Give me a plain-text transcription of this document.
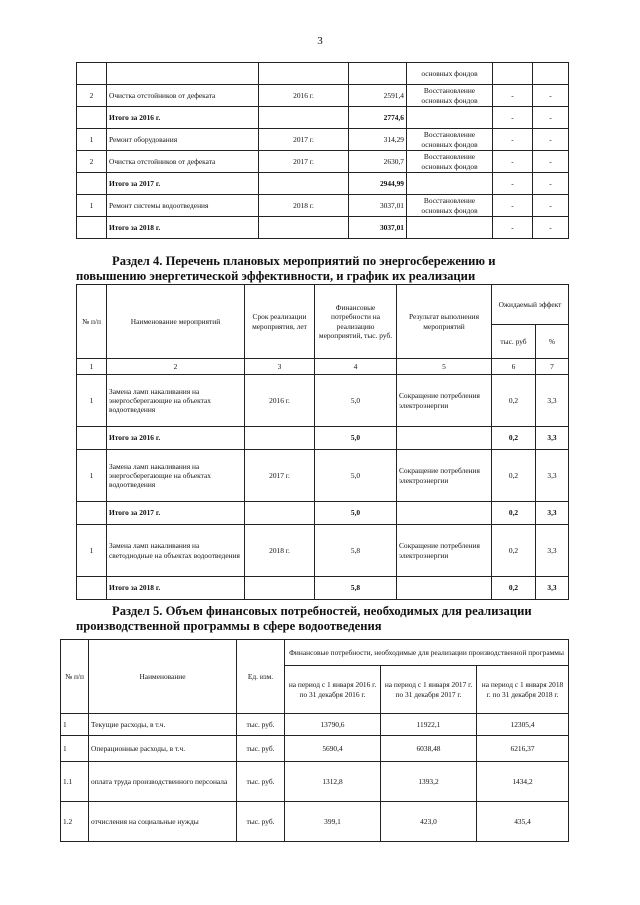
3
				основных фондов		
2	Очистка отстойников от дефеката	2016 г.	2591,4	Восстановление основных фондов	-	-
	Итого за 2016 г.		2774,6		-	-
1	Ремонт оборудования	2017 г.	314,29	Восстановление основных фондов	-	-
2	Очистка отстойников от дефеката	2017 г.	2630,7	Восстановление основных фондов	-	-
	Итого за 2017 г.		2944,99		-	-
1	Ремонт системы водоотведения	2018 г.	3037,01	Восстановление основных фондов	-	-
	Итого за 2018 г.		3037,01		-	-
Раздел 4. Перечень плановых мероприятий по энергосбережению и повышению энергетической эффективности, и график их реализации
№ п/п	Наименование мероприятий	Срок реализации мероприятия, лет	Финансовые потребности на реализацию мероприятий, тыс. руб.	Результат выполнения мероприятий	Ожидаемый эффект	
					тыс. руб	%
1	2	3	4	5	6	7
1	Замена ламп накаливания на энергосберегающие на объектах водоотведения	2016 г.	5,0	Сокращение потребления электроэнергии	0,2	3,3
	Итого за 2016 г.		5,0		0,2	3,3
1	Замена ламп накаливания на энергосберегающие на объектах водоотведения	2017 г.	5,0	Сокращение потребления электроэнергии	0,2	3,3
	Итого за 2017 г.		5,0		0,2	3,3
1	Замена ламп накаливания на светодиодные на объектах водоотведения	2018 г.	5,8	Сокращение потребления электроэнергии	0,2	3,3
	Итого за 2018 г.		5,8		0,2	3,3
Раздел 5. Объем финансовых потребностей, необходимых для реализации производственной программы в сфере водоотведения
№ п/п	Наименование	Ед. изм.	Финансовые потребности, необходимые для реализации производственной программы		
			на период с 1 января 2016 г. по 31 декабря 2016 г.	на период с 1 января 2017 г. по 31 декабря 2017 г.	на период с 1 января 2018 г. по 31 декабря 2018 г.
1	Текущие расходы, в т.ч.	тыс. руб.	13790,6	11922,1	12305,4
1	Операционные расходы, в т.ч.	тыс. руб.	5690,4	6038,48	6216,37
1.1	оплата труда производственного персонала	тыс. руб.	1312,8	1393,2	1434,2
1.2	отчисления на социальные нужды	тыс. руб.	399,1	423,0	435,4
